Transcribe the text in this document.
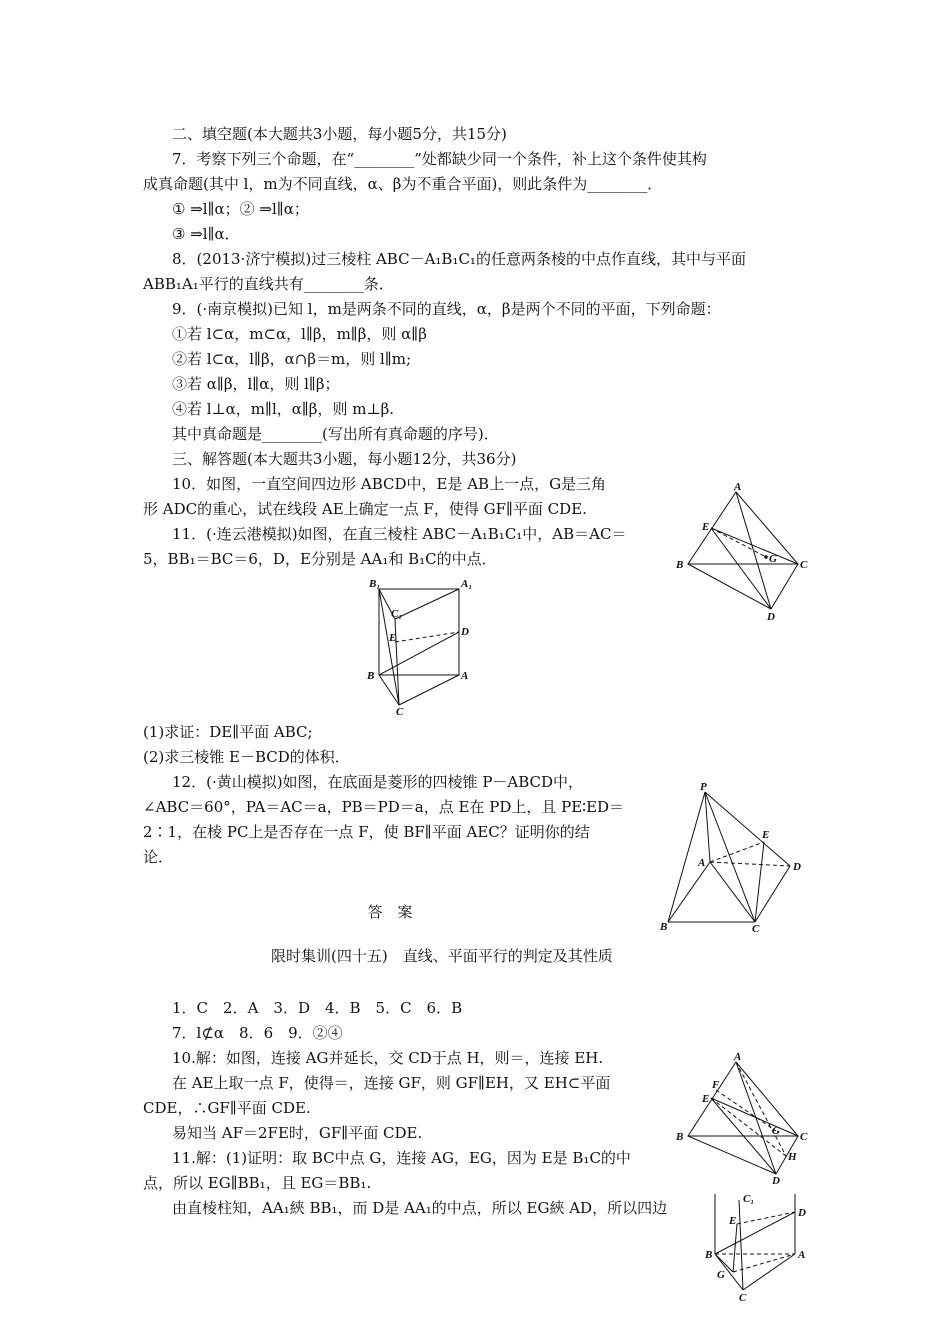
二、填空题(本大题共3小题，每小题5分，共15分)
7．考察下列三个命题，在“________”处都缺少同一个条件，补上这个条件使其构
成真命题(其中 l，m为不同直线，α、β为不重合平面)，则此条件为________．
① ⇒l∥α；② ⇒l∥α；
③ ⇒l∥α．
8．(2013·济宁模拟)过三棱柱 ABC－A₁B₁C₁的任意两条棱的中点作直线，其中与平面
ABB₁A₁平行的直线共有________条．
9．(·南京模拟)已知 l，m是两条不同的直线，α，β是两个不同的平面，下列命题：
①若 l⊂α，m⊂α，l∥β，m∥β，则 α∥β
②若 l⊂α，l∥β，α∩β＝m，则 l∥m;
③若 α∥β，l∥α，则 l∥β；
④若 l⊥α，m∥l，α∥β，则 m⊥β.
其中真命题是________(写出所有真命题的序号)．
三、解答题(本大题共3小题，每小题12分，共36分)
10．如图，一直空间四边形 ABCD中，E是 AB上一点，G是三角
形 ADC的重心，试在线段 AE上确定一点 F，使得 GF∥平面 CDE.
11．(·连云港模拟)如图，在直三棱柱 ABC－A₁B₁C₁中，AB＝AC＝
5，BB₁＝BC＝6，D，E分别是 AA₁和 B₁C的中点．
A
B	C
D
E
G
B₁	A₁
C₁
E	D
B	A
C
(1)求证：DE∥平面 ABC;
(2)求三棱锥 E－BCD的体积．
12．(·黄山模拟)如图，在底面是菱形的四棱锥 P－ABCD中，
∠ABC＝60°，PA＝AC＝a，PB＝PD＝a，点 E在 PD上，且 PE∶ED＝
2∶1，在棱 PC上是否存在一点 F，使 BF∥平面 AEC？证明你的结
论．
P
E
A	D
B	C
答　案
限时集训(四十五)　直线、平面平行的判定及其性质
1．C　2．A　3．D　4．B　5．C　6．B
7．l⊄α　8．6　9．②④
10.解：如图，连接 AG并延长，交 CD于点 H，则＝，连接 EH.
在 AE上取一点 F，使得＝，连接 GF，则 GF∥EH，又 EH⊂平面
CDE，∴GF∥平面 CDE.
易知当 AF＝2FE时，GF∥平面 CDE.
11.解：(1)证明：取 BC中点 G，连接 AG，EG，因为 E是 B₁C的中
点，所以 EG∥BB₁，且 EG＝BB₁.
由直棱柱知，AA₁綊 BB₁，而 D是 AA₁的中点，所以 EG綊 AD，所以四边
A
F
E
B	G C
H
D
C₁
E
D
B	A
G
C
